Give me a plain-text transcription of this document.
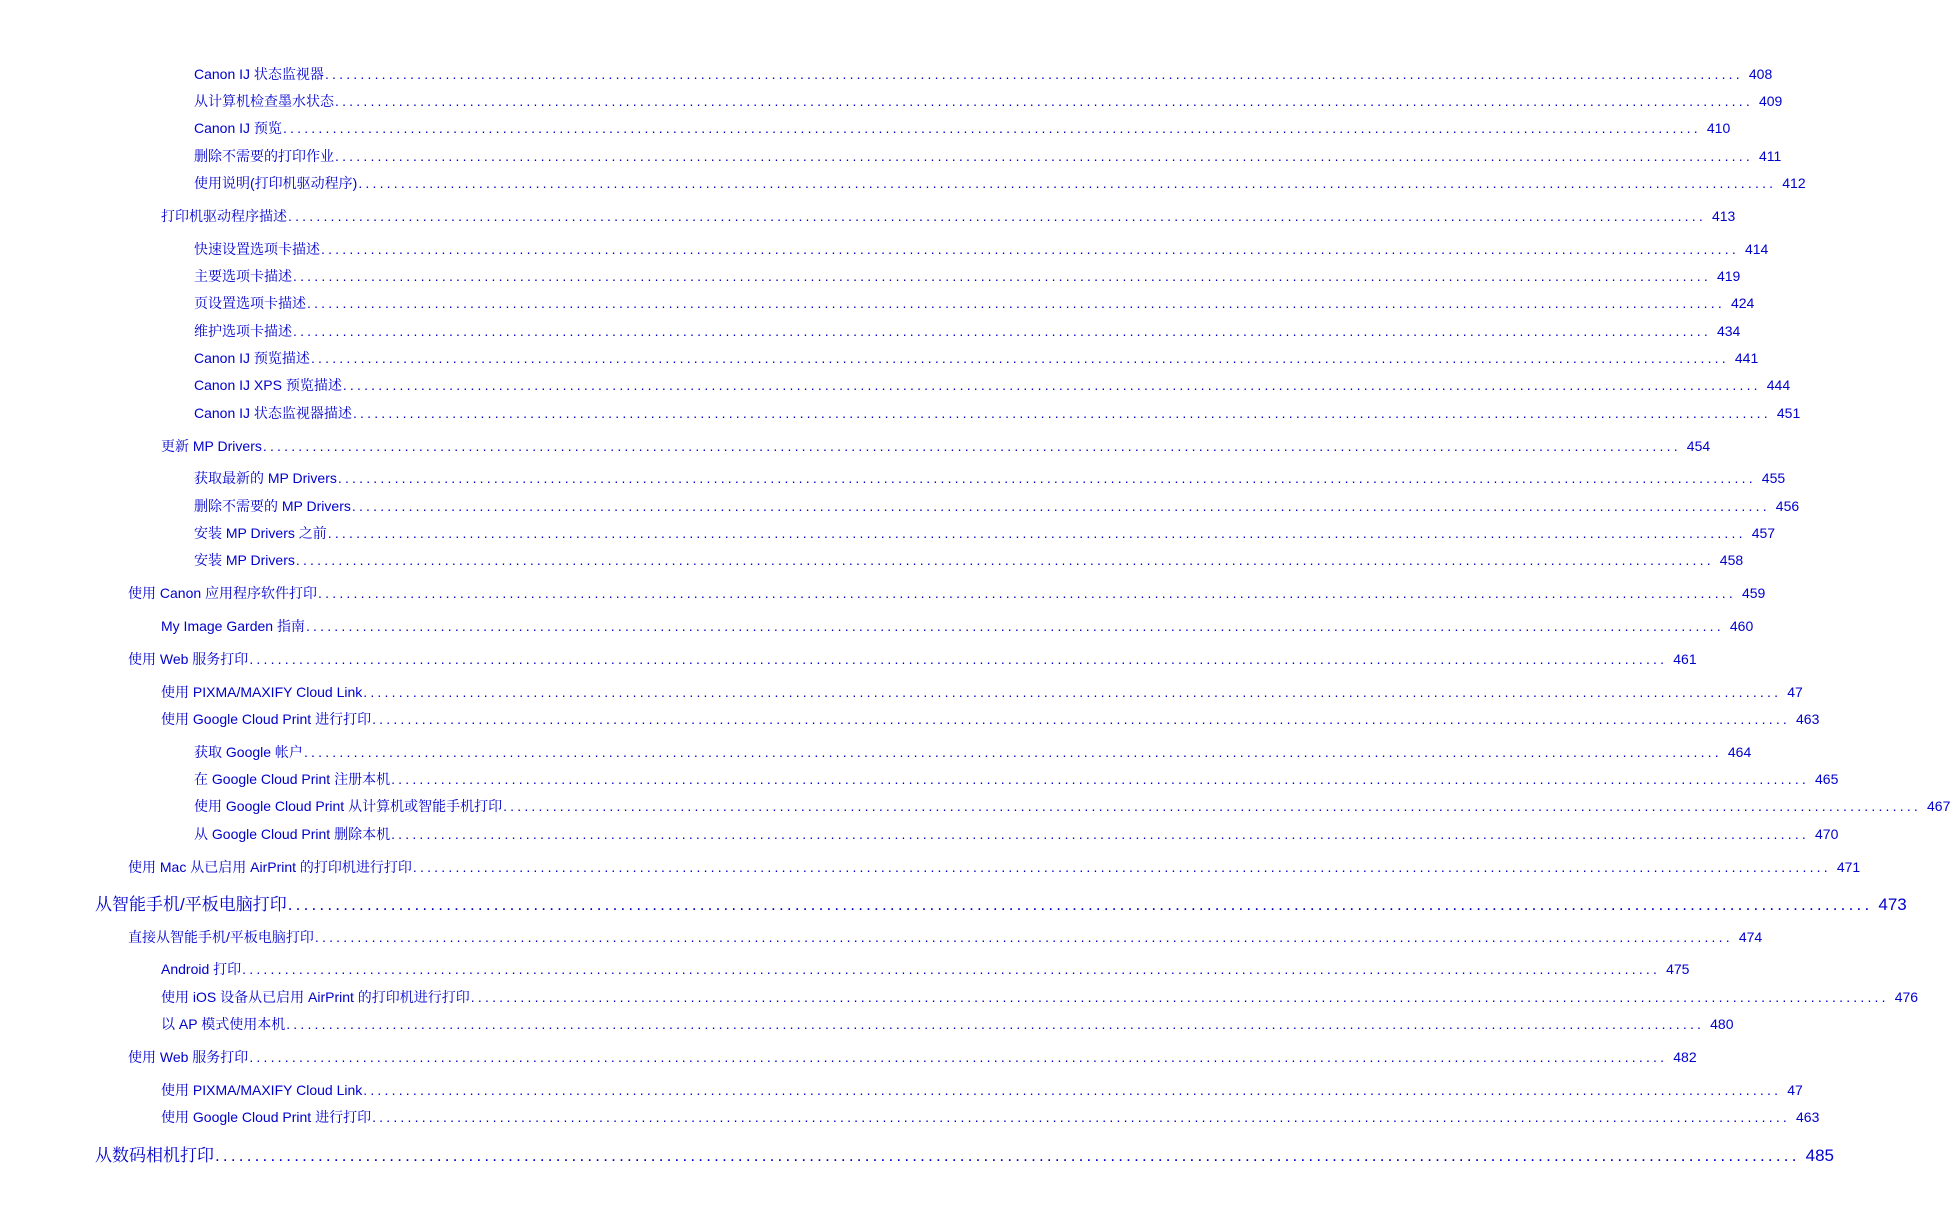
Canon IJ 状态监视器 ........................................................................................................................................................................................................ 408
从计算机检查墨水状态 ........................................................................................................................................................................................................ 409
Canon IJ 预览 ........................................................................................................................................................................................................ 410
删除不需要的打印作业 ........................................................................................................................................................................................................ 411
使用说明(打印机驱动程序) ........................................................................................................................................................................................................ 412
打印机驱动程序描述 ........................................................................................................................................................................................................ 413
快速设置选项卡描述 ........................................................................................................................................................................................................ 414
主要选项卡描述 ........................................................................................................................................................................................................ 419
页设置选项卡描述 ........................................................................................................................................................................................................ 424
维护选项卡描述 ........................................................................................................................................................................................................ 434
Canon IJ 预览描述 ........................................................................................................................................................................................................ 441
Canon IJ XPS 预览描述 ........................................................................................................................................................................................................ 444
Canon IJ 状态监视器描述 ........................................................................................................................................................................................................ 451
更新 MP Drivers ........................................................................................................................................................................................................ 454
获取最新的 MP Drivers ........................................................................................................................................................................................................ 455
删除不需要的 MP Drivers ........................................................................................................................................................................................................ 456
安装 MP Drivers 之前 ........................................................................................................................................................................................................ 457
安装 MP Drivers ........................................................................................................................................................................................................ 458
使用 Canon 应用程序软件打印 ........................................................................................................................................................................................................ 459
My Image Garden 指南 ........................................................................................................................................................................................................ 460
使用 Web 服务打印 ........................................................................................................................................................................................................ 461
使用 PIXMA/MAXIFY Cloud Link ........................................................................................................................................................................................................ 47
使用 Google Cloud Print 进行打印 ........................................................................................................................................................................................................ 463
获取 Google 帐户 ........................................................................................................................................................................................................ 464
在 Google Cloud Print 注册本机 ........................................................................................................................................................................................................ 465
使用 Google Cloud Print 从计算机或智能手机打印 ........................................................................................................................................................................................................ 467
从 Google Cloud Print 删除本机 ........................................................................................................................................................................................................ 470
使用 Mac 从已启用 AirPrint 的打印机进行打印 ........................................................................................................................................................................................................ 471
从智能手机/平板电脑打印 ........................................................................................................................................................................................................ 473
直接从智能手机/平板电脑打印 ........................................................................................................................................................................................................ 474
Android 打印 ........................................................................................................................................................................................................ 475
使用 iOS 设备从已启用 AirPrint 的打印机进行打印 ........................................................................................................................................................................................................ 476
以 AP 模式使用本机 ........................................................................................................................................................................................................ 480
使用 Web 服务打印 ........................................................................................................................................................................................................ 482
使用 PIXMA/MAXIFY Cloud Link ........................................................................................................................................................................................................ 47
使用 Google Cloud Print 进行打印 ........................................................................................................................................................................................................ 463
从数码相机打印 ........................................................................................................................................................................................................ 485
